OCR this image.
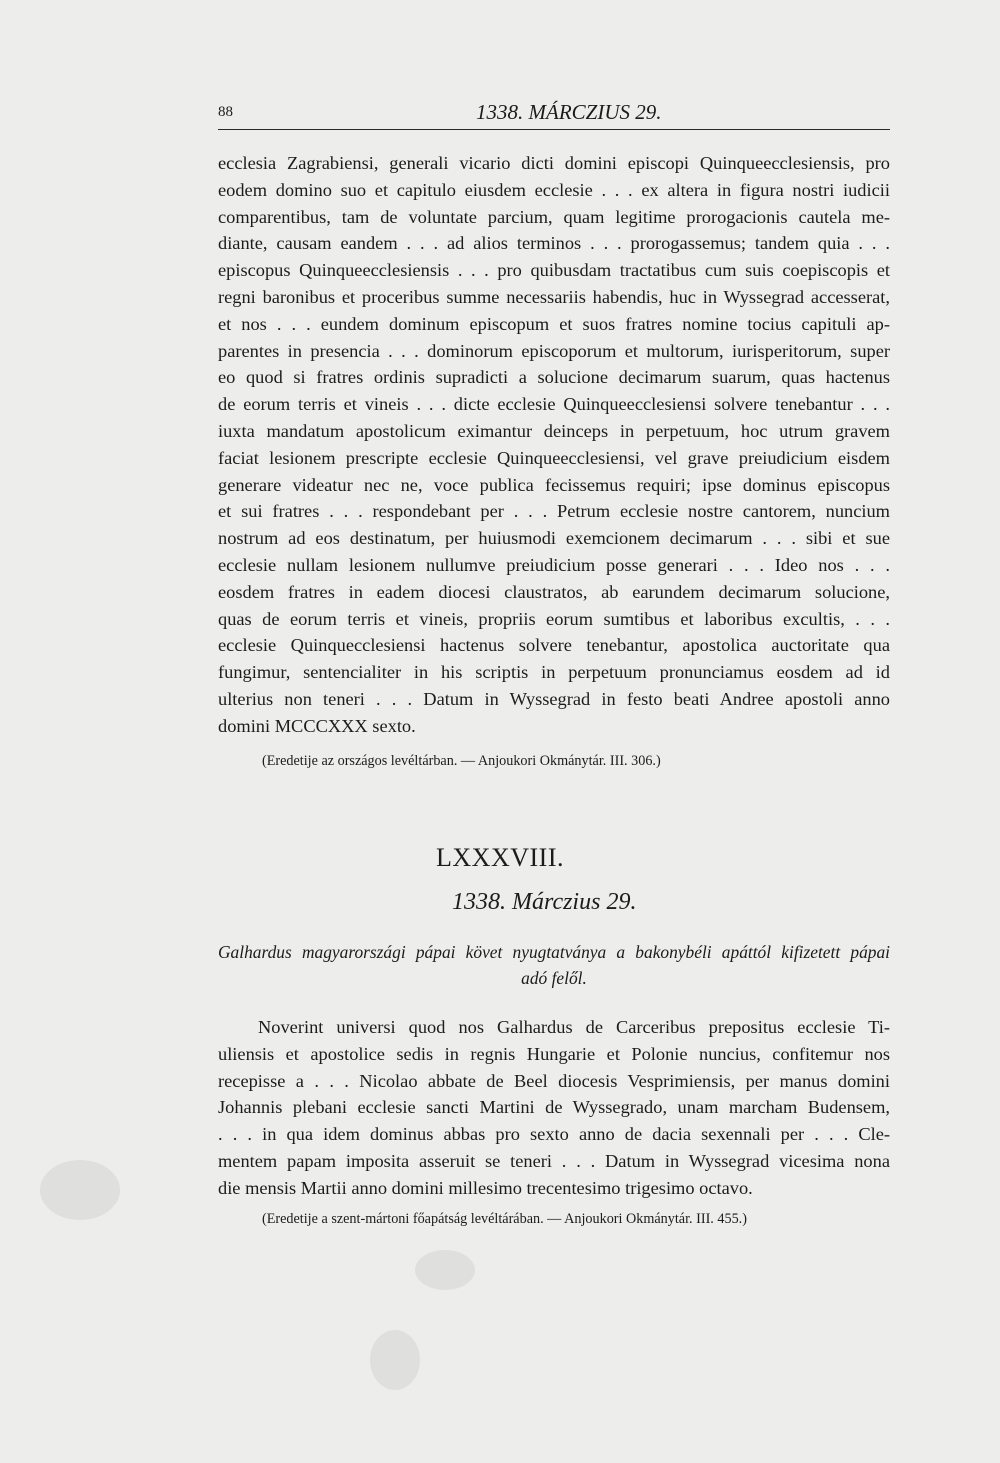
88	1338. MÁRCZIUS 29.
ecclesia Zagrabiensi, generali vicario dicti domini episcopi Quinqueecclesiensis, pro
eodem domino suo et capitulo eiusdem ecclesie . . . ex altera in figura nostri iudicii
comparentibus, tam de voluntate parcium, quam legitime prorogacionis cautela me-
diante, causam eandem . . . ad alios terminos . . . prorogassemus; tandem quia . . .
episcopus Quinqueecclesiensis . . . pro quibusdam tractatibus cum suis coepiscopis et
regni baronibus et proceribus summe necessariis habendis, huc in Wyssegrad accesserat,
et nos . . . eundem dominum episcopum et suos fratres nomine tocius capituli ap-
parentes in presencia . . . dominorum episcoporum et multorum, iurisperitorum, super
eo quod si fratres ordinis supradicti a solucione decimarum suarum, quas hactenus
de eorum terris et vineis . . . dicte ecclesie Quinqueecclesiensi solvere tenebantur . . .
iuxta mandatum apostolicum eximantur deinceps in perpetuum, hoc utrum gravem
faciat lesionem prescripte ecclesie Quinqueecclesiensi, vel grave preiudicium eisdem
generare videatur nec ne, voce publica fecissemus requiri; ipse dominus episcopus
et sui fratres . . . respondebant per . . . Petrum ecclesie nostre cantorem, nuncium
nostrum ad eos destinatum, per huiusmodi exemcionem decimarum . . . sibi et sue
ecclesie nullam lesionem nullumve preiudicium posse generari . . . Ideo nos . . .
eosdem fratres in eadem diocesi claustratos, ab earundem decimarum solucione,
quas de eorum terris et vineis, propriis eorum sumtibus et laboribus excultis, . . .
ecclesie Quinquecclesiensi hactenus solvere tenebantur, apostolica auctoritate qua
fungimur, sentencialiter in his scriptis in perpetuum pronunciamus eosdem ad id
ulterius non teneri . . . Datum in Wyssegrad in festo beati Andree apostoli anno
domini MCCCXXX sexto.
(Eredetije az országos levéltárban. — Anjoukori Okmánytár. III. 306.)
LXXXVIII.
1338. Márczius 29.
Galhardus magyarországi pápai követ nyugtatványa a bakonybéli apáttól kifizetett pápai
adó felől.
Noverint universi quod nos Galhardus de Carceribus prepositus ecclesie Ti-
uliensis et apostolice sedis in regnis Hungarie et Polonie nuncius, confitemur nos
recepisse a . . . Nicolao abbate de Beel diocesis Vesprimiensis, per manus domini
Johannis plebani ecclesie sancti Martini de Wyssegrado, unam marcham Budensem,
. . . in qua idem dominus abbas pro sexto anno de dacia sexennali per . . . Cle-
mentem papam imposita asseruit se teneri . . . Datum in Wyssegrad vicesima nona
die mensis Martii anno domini millesimo trecentesimo trigesimo octavo.
(Eredetije a szent-mártoni főapátság levéltárában. — Anjoukori Okmánytár. III. 455.)
